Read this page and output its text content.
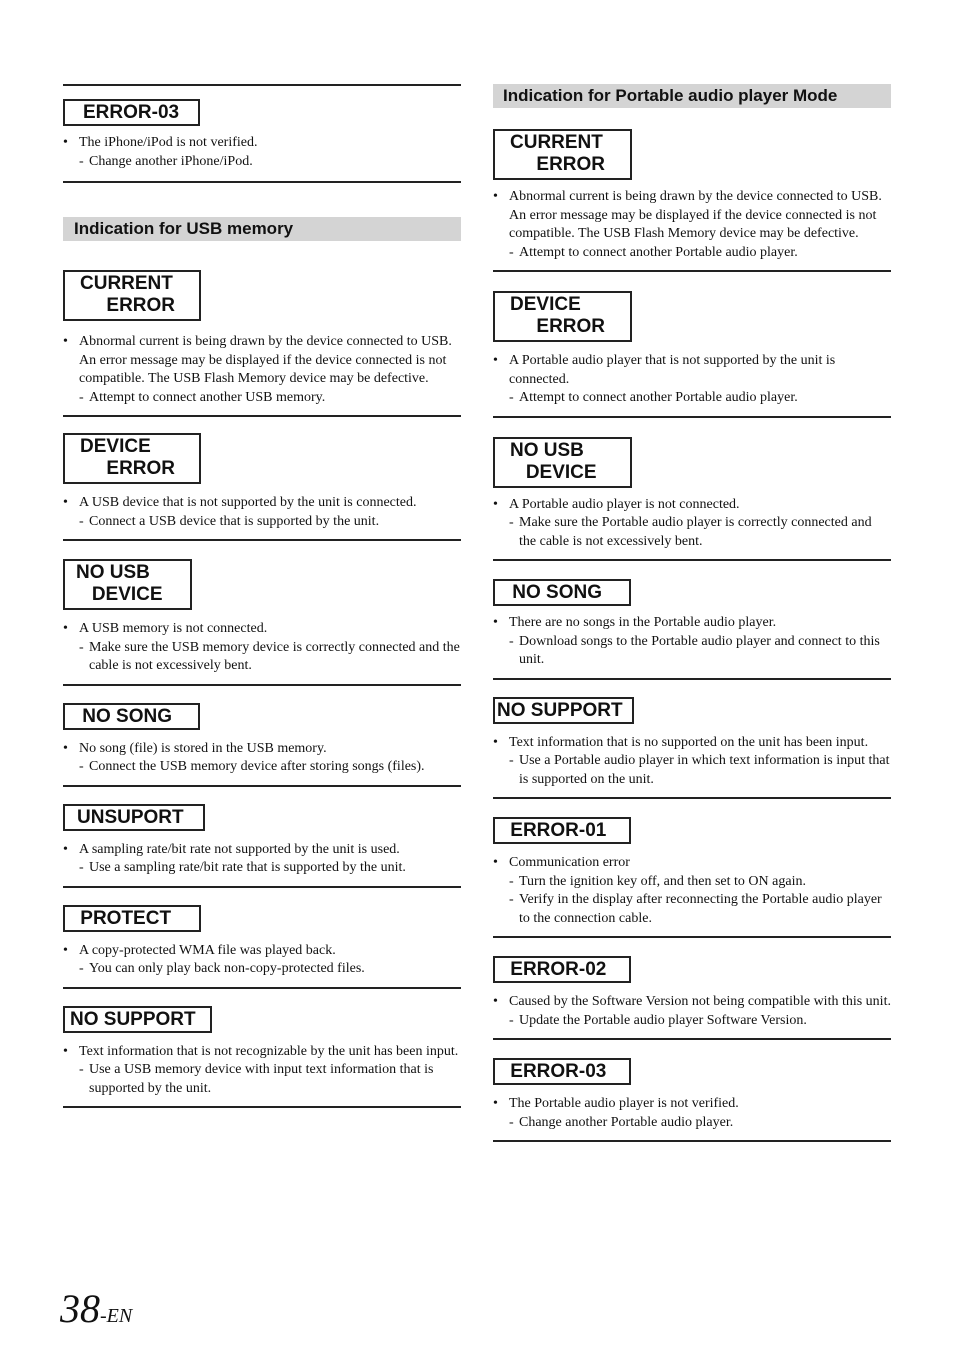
ERROR-03
• The iPhone/iPod is not verified.
- Change another iPhone/iPod.
Indication for USB memory
CURRENT
ERROR
• Abnormal current is being drawn by the device connected to USB. An error message may be displayed if the device connected is not compatible. The USB Flash Memory device may be defective.
- Attempt to connect another USB memory.
DEVICE
ERROR
• A USB device that is not supported by the unit is connected.
- Connect a USB device that is supported by the unit.
NO USB
DEVICE
• A USB memory is not connected.
- Make sure the USB memory device is correctly connected and the cable is not excessively bent.
NO SONG
• No song (file) is stored in the USB memory.
- Connect the USB memory device after storing songs (files).
UNSUPORT
• A sampling rate/bit rate not supported by the unit is used.
- Use a sampling rate/bit rate that is supported by the unit.
PROTECT
• A copy-protected WMA file was played back.
- You can only play back non-copy-protected files.
NO SUPPORT
• Text information that is not recognizable by the unit has been input.
- Use a USB memory device with input text information that is supported by the unit.
Indication for Portable audio player Mode
CURRENT
ERROR
• Abnormal current is being drawn by the device connected to USB. An error message may be displayed if the device connected is not compatible. The USB Flash Memory device may be defective.
- Attempt to connect another Portable audio player.
DEVICE
ERROR
• A Portable audio player that is not supported by the unit is connected.
- Attempt to connect another Portable audio player.
NO USB
DEVICE
• A Portable audio player is not connected.
- Make sure the Portable audio player is correctly connected and the cable is not excessively bent.
NO SONG
• There are no songs in the Portable audio player.
- Download songs to the Portable audio player and connect to this unit.
NO SUPPORT
• Text information that is no supported on the unit has been input.
- Use a Portable audio player in which text information is input that is supported on the unit.
ERROR-01
• Communication error
- Turn the ignition key off, and then set to ON again.
- Verify in the display after reconnecting the Portable audio player to the connection cable.
ERROR-02
• Caused by the Software Version not being compatible with this unit.
- Update the Portable audio player Software Version.
ERROR-03
• The Portable audio player is not verified.
- Change another Portable audio player.
38-EN
